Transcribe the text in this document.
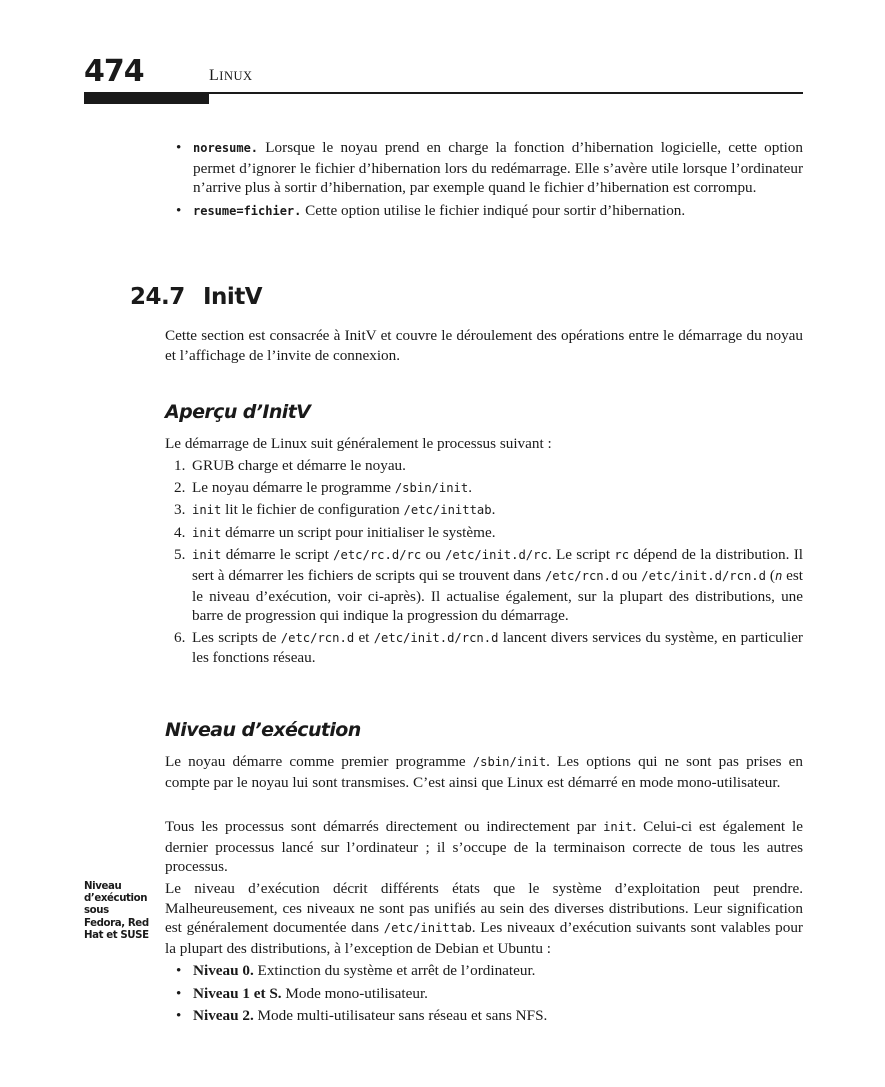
474	LINUX
• noresume. Lorsque le noyau prend en charge la fonction d’hibernation logicielle, cette option permet d’ignorer le fichier d’hibernation lors du redémarrage. Elle s’avère utile lorsque l’ordinateur n’arrive plus à sortir d’hibernation, par exemple quand le fichier d’hibernation est corrompu.
• resume=fichier. Cette option utilise le fichier indiqué pour sortir d’hibernation.
24.7 InitV

Cette section est consacrée à InitV et couvre le déroulement des opérations entre le démarrage du noyau et l’affichage de l’invite de connexion.

Aperçu d’InitV

Le démarrage de Linux suit généralement le processus suivant :

1. GRUB charge et démarre le noyau.
2. Le noyau démarre le programme /sbin/init.
3. init lit le fichier de configuration /etc/inittab.
4. init démarre un script pour initialiser le système.
5. init démarre le script /etc/rc.d/rc ou /etc/init.d/rc. Le script rc dépend de la distribution. Il sert à démarrer les fichiers de scripts qui se trouvent dans /etc/rcn.d ou /etc/init.d/rcn.d (n est le niveau d’exécution, voir ci-après). Il actualise également, sur la plupart des distributions, une barre de progression qui indique la progression du démarrage.
6. Les scripts de /etc/rcn.d et /etc/init.d/rcn.d lancent divers services du système, en particulier les fonctions réseau.
Niveau d’exécution

Le noyau démarre comme premier programme /sbin/init. Les options qui ne sont pas prises en compte par le noyau lui sont transmises. C’est ainsi que Linux est démarré en mode mono-utilisateur.

Tous les processus sont démarrés directement ou indirectement par init. Celui-ci est également le dernier processus lancé sur l’ordinateur ; il s’occupe de la terminaison correcte de tous les autres processus.

Niveau d’exécution sous Fedora, Red Hat et SUSE

Le niveau d’exécution décrit différents états que le système d’exploitation peut prendre. Malheureusement, ces niveaux ne sont pas unifiés au sein des diverses distributions. Leur signification est généralement documentée dans /etc/inittab. Les niveaux d’exécution suivants sont valables pour la plupart des distributions, à l’exception de Debian et Ubuntu :

• Niveau 0. Extinction du système et arrêt de l’ordinateur.
• Niveau 1 et S. Mode mono-utilisateur.
• Niveau 2. Mode multi-utilisateur sans réseau et sans NFS.
